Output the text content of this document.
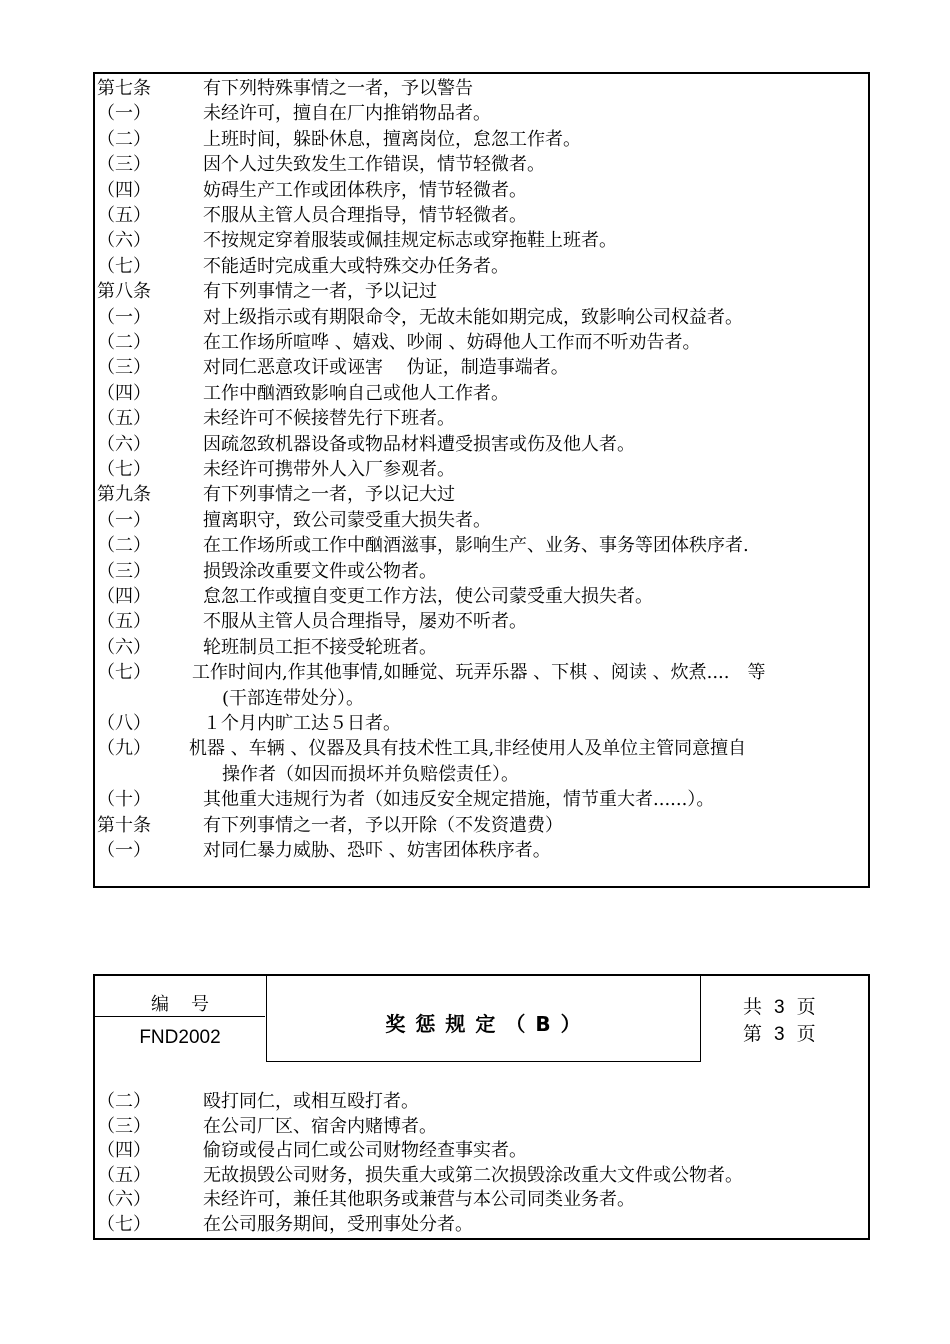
第七条	有下列特殊事情之一者，予以警告
（一）	未经许可，擅自在厂内推销物品者。
（二）	上班时间，躲卧休息，擅离岗位，怠忽工作者。
（三）	因个人过失致发生工作错误，情节轻微者。
（四）	妨碍生产工作或团体秩序，情节轻微者。
（五）	不服从主管人员合理指导，情节轻微者。
（六）	不按规定穿着服装或佩挂规定标志或穿拖鞋上班者。
（七）	不能适时完成重大或特殊交办任务者。
第八条	有下列事情之一者，予以记过
（一）	对上级指示或有期限命令，无故未能如期完成，致影响公司权益者。
（二）	在工作场所喧哗 、嬉戏、吵闹 、妨碍他人工作而不听劝告者。
（三）	对同仁恶意攻讦或诬害　 伪证，制造事端者。
（四）	工作中酗酒致影响自己或他人工作者。
（五）	未经许可不候接替先行下班者。
（六）	因疏忽致机器设备或物品材料遭受损害或伤及他人者。
（七）	未经许可携带外人入厂参观者。
第九条	有下列事情之一者，予以记大过
（一）	擅离职守，致公司蒙受重大损失者。
（二）	在工作场所或工作中酗酒滋事，影响生产、业务、事务等团体秩序者.
（三）	损毁涂改重要文件或公物者。
（四）	怠忽工作或擅自变更工作方法，使公司蒙受重大损失者。
（五）	不服从主管人员合理指导，屡劝不听者。
（六）	轮班制员工拒不接受轮班者。
（七） 工作时间内,作其他事情,如睡觉、玩弄乐器 、下棋 、阅读 、炊煮....　等
(干部连带处分）。
（八）	１个月内旷工达５日者。
（九） 机器 、车辆 、仪器及具有技术性工具,非经使用人及单位主管同意擅自
操作者（如因而损坏并负赔偿责任）。
（十）	其他重大违规行为者（如违反安全规定措施，情节重大者......）。
第十条	有下列事情之一者，予以开除（不发资遣费）
（一）	对同仁暴力威胁、恐吓 、妨害团体秩序者。
编号
FND2002
奖惩规定（B）
共 3 页
第 3 页
（二）	殴打同仁，或相互殴打者。
（三）	在公司厂区、宿舍内赌博者。
（四）	偷窃或侵占同仁或公司财物经查事实者。
（五）	无故损毁公司财务，损失重大或第二次损毁涂改重大文件或公物者。
（六）	未经许可，兼任其他职务或兼营与本公司同类业务者。
（七）	在公司服务期间，受刑事处分者。
